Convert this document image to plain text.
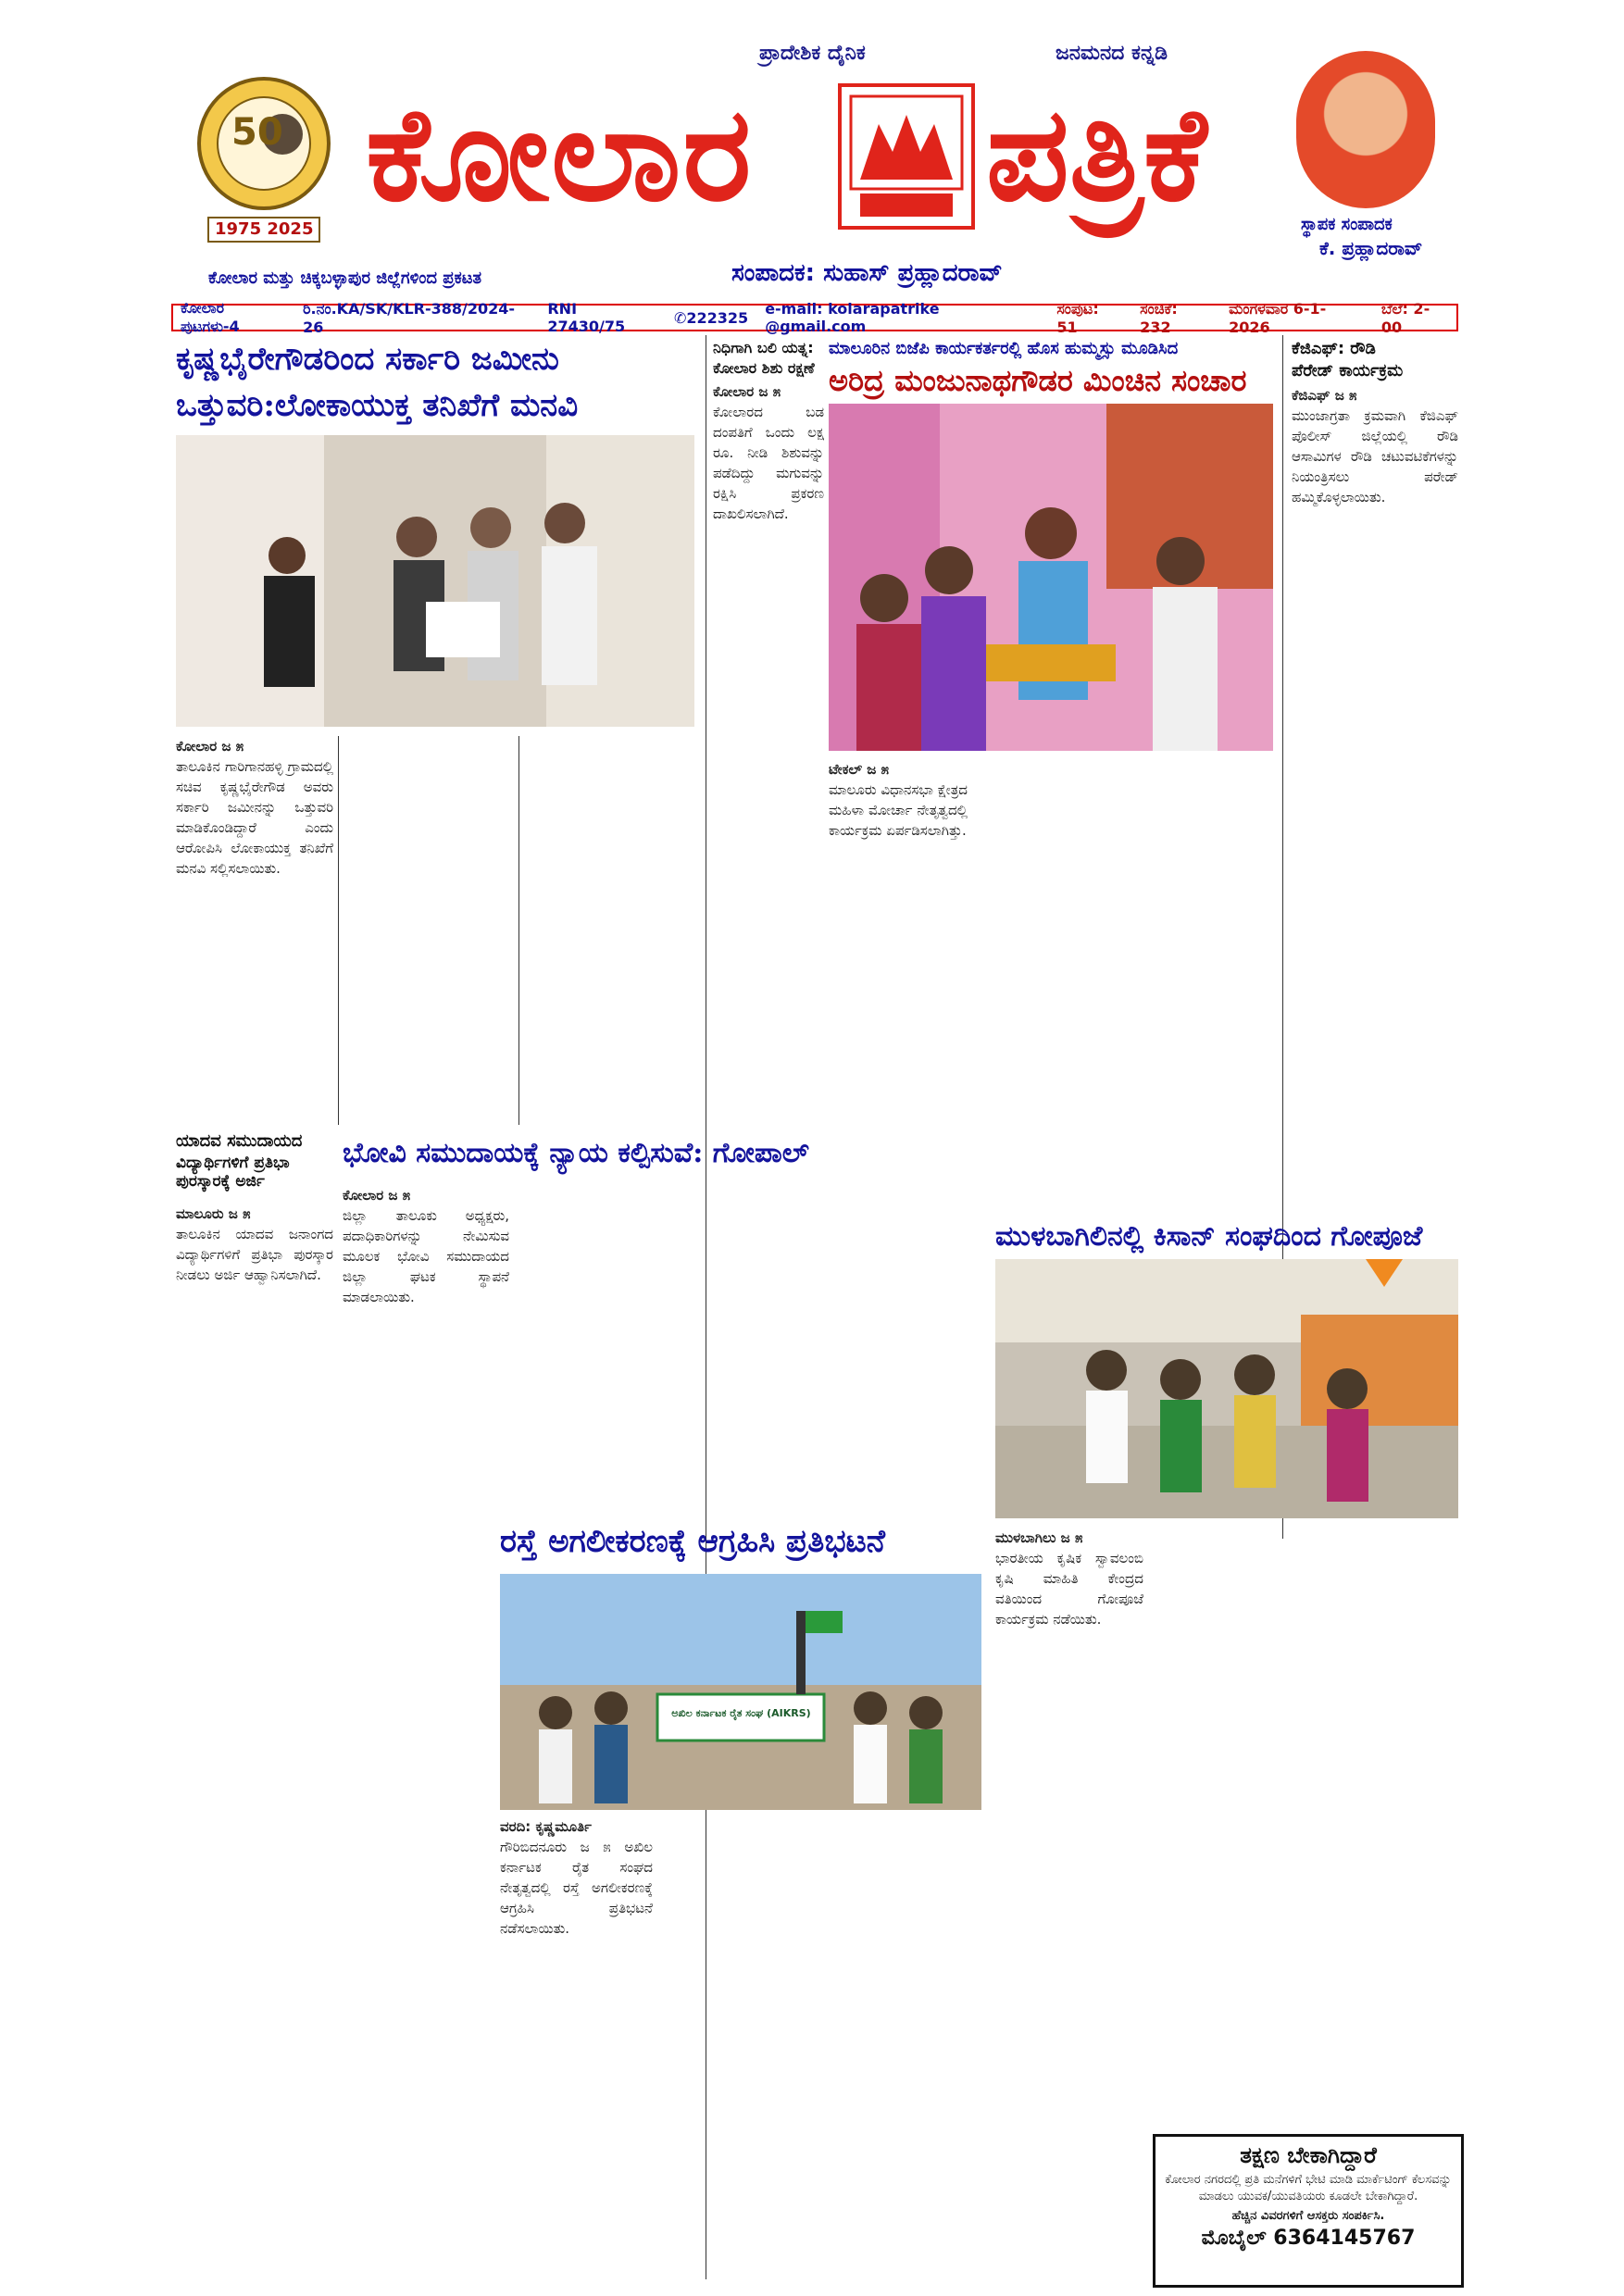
ಪ್ರಾದೇಶಿಕ ದೈನಿಕ	ಜನಮನದ ಕನ್ನಡಿ
50
1975 2025 ಕೋಲಾರ ಪತ್ರಿಕೆ	ಸ್ಥಾಪಕ ಸಂಪಾದಕ
ಕೆ. ಪ್ರಹ್ಲಾದರಾವ್
ಕೋಲಾರ ಮತ್ತು ಚಿಕ್ಕಬಳ್ಳಾಪುರ ಜಿಲ್ಲೆಗಳಿಂದ ಪ್ರಕಟತ	ಸಂಪಾದಕ: ಸುಹಾಸ್ ಪ್ರಹ್ಲಾದರಾವ್
ಕೋಲಾರ ಪುಟಗಳು-4
ರಿ.ನಂ.KA/SK/KLR-388/2024-26
RNI 27430/75	✆222325 e-mail: kolarapatrike @gmail.com
ಸಂಪುಟ: 51
ಸಂಚಿಕೆ: 232
ಮಂಗಳವಾರ 6-1-2026
ಬೆಲೆ: 2-00
ಕೃಷ್ಣಭೈರೇಗೌಡರಿಂದ ಸರ್ಕಾರಿ ಜಮೀನು
ಒತ್ತುವರಿ:ಲೋಕಾಯುಕ್ತ ತನಿಖೆಗೆ ಮನವಿ
ಕೋಲಾರ ಜ ೫
ತಾಲೂಕಿನ ಗಾರಿಗಾನಹಳ್ಳಿ ಗ್ರಾಮದಲ್ಲಿ ಸಚಿವ ಕೃಷ್ಣಭೈರೇಗೌಡ ಅವರು ಸರ್ಕಾರಿ ಜಮೀನನ್ನು ಒತ್ತುವರಿ ಮಾಡಿಕೊಂಡಿದ್ದಾರೆ ಎಂದು ಆರೋಪಿಸಿ ಲೋಕಾಯುಕ್ತ ತನಿಖೆಗೆ ಮನವಿ ಸಲ್ಲಿಸಲಾಯಿತು.
ನಿಧಿಗಾಗಿ ಬಲಿ ಯತ್ನ:
ಕೋಲಾರ ಶಿಶು ರಕ್ಷಣೆ
ಕೋಲಾರ ಜ ೫
ಕೋಲಾರದ ಬಡ ದಂಪತಿಗೆ ಒಂದು ಲಕ್ಷ ರೂ. ನೀಡಿ ಶಿಶುವನ್ನು ಪಡೆದಿದ್ದು ಮಗುವನ್ನು ರಕ್ಷಿಸಿ ಪ್ರಕರಣ ದಾಖಲಿಸಲಾಗಿದೆ.
ಮಾಲೂರಿನ ಬಿಜೆಪಿ ಕಾರ್ಯಕರ್ತರಲ್ಲಿ ಹೊಸ ಹುಮ್ಮಸ್ಸು ಮೂಡಿಸಿದ
ಅರಿದ್ರ ಮಂಜುನಾಥಗೌಡರ ಮಿಂಚಿನ ಸಂಚಾರ
ಟೇಕಲ್ ಜ ೫
ಮಾಲೂರು ವಿಧಾನಸಭಾ ಕ್ಷೇತ್ರದ ಮಹಿಳಾ ಮೋರ್ಚಾ ನೇತೃತ್ವದಲ್ಲಿ ಕಾರ್ಯಕ್ರಮ ಏರ್ಪಡಿಸಲಾಗಿತ್ತು.
ಕೆಜಿಎಫ್: ರೌಡಿ
ಪೆರೇಡ್ ಕಾರ್ಯಕ್ರಮ
ಕೆಜಿಎಫ್ ಜ ೫
ಮುಂಜಾಗ್ರತಾ ಕ್ರಮವಾಗಿ ಕೆಜಿಎಫ್ ಪೊಲೀಸ್ ಜಿಲ್ಲೆಯಲ್ಲಿ ರೌಡಿ ಆಸಾಮಿಗಳ ರೌಡಿ ಚಟುವಟಿಕೆಗಳನ್ನು ನಿಯಂತ್ರಿಸಲು ಪರೇಡ್ ಹಮ್ಮಿಕೊಳ್ಳಲಾಯಿತು.
ಯಾದವ ಸಮುದಾಯದ
ವಿದ್ಯಾರ್ಥಿಗಳಿಗೆ ಪ್ರತಿಭಾ ಪುರಸ್ಕಾರಕ್ಕೆ ಅರ್ಜಿ
ಮಾಲೂರು ಜ ೫
ತಾಲೂಕಿನ ಯಾದವ ಜನಾಂಗದ ವಿದ್ಯಾರ್ಥಿಗಳಿಗೆ ಪ್ರತಿಭಾ ಪುರಸ್ಕಾರ ನೀಡಲು ಅರ್ಜಿ ಆಹ್ವಾನಿಸಲಾಗಿದೆ.
ಭೋವಿ ಸಮುದಾಯಕ್ಕೆ ನ್ಯಾಯ ಕಲ್ಪಿಸುವೆ: ಗೋಪಾಲ್
ಕೋಲಾರ ಜ ೫
ಜಿಲ್ಲಾ ತಾಲೂಕು ಅಧ್ಯಕ್ಷರು, ಪದಾಧಿಕಾರಿಗಳನ್ನು ನೇಮಿಸುವ ಮೂಲಕ ಭೋವಿ ಸಮುದಾಯದ ಜಿಲ್ಲಾ ಘಟಕ ಸ್ಥಾಪನೆ ಮಾಡಲಾಯಿತು.
ಮುಳಬಾಗಿಲಿನಲ್ಲಿ ಕಿಸಾನ್ ಸಂಘದಿಂದ ಗೋಪೂಜೆ
ಮುಳಬಾಗಿಲು ಜ ೫
ಭಾರತೀಯ ಕೃಷಿಕ ಸ್ವಾವಲಂಬಿ ಕೃಷಿ ಮಾಹಿತಿ ಕೇಂದ್ರದ ವತಿಯಿಂದ ಗೋಪೂಜೆ ಕಾರ್ಯಕ್ರಮ ನಡೆಯಿತು.
ರಸ್ತೆ ಅಗಲೀಕರಣಕ್ಕೆ ಆಗ್ರಹಿಸಿ ಪ್ರತಿಭಟನೆ
ಅಖಿಲ ಕರ್ನಾಟಕ ರೈತ ಸಂಘ (AIKRS)
ವರದಿ: ಕೃಷ್ಣಮೂರ್ತಿ
ಗೌರಿಬಿದನೂರು ಜ ೫ ಅಖಿಲ ಕರ್ನಾಟಕ ರೈತ ಸಂಘದ ನೇತೃತ್ವದಲ್ಲಿ ರಸ್ತೆ ಅಗಲೀಕರಣಕ್ಕೆ ಆಗ್ರಹಿಸಿ ಪ್ರತಿಭಟನೆ ನಡೆಸಲಾಯಿತು.
ತಕ್ಷಣ ಬೇಕಾಗಿದ್ದಾರೆ
ಕೋಲಾರ ನಗರದಲ್ಲಿ ಪ್ರತಿ ಮನೆಗಳಿಗೆ ಭೇಟಿ ಮಾಡಿ ಮಾರ್ಕೆಟಿಂಗ್ ಕೆಲಸವನ್ನು ಮಾಡಲು ಯುವಕ/ಯುವತಿಯರು ಕೂಡಲೇ ಬೇಕಾಗಿದ್ದಾರೆ.
ಹೆಚ್ಚಿನ ವಿವರಗಳಿಗೆ ಆಸಕ್ತರು ಸಂಪರ್ಕಿಸಿ.
ಮೊಬೈಲ್ 6364145767
